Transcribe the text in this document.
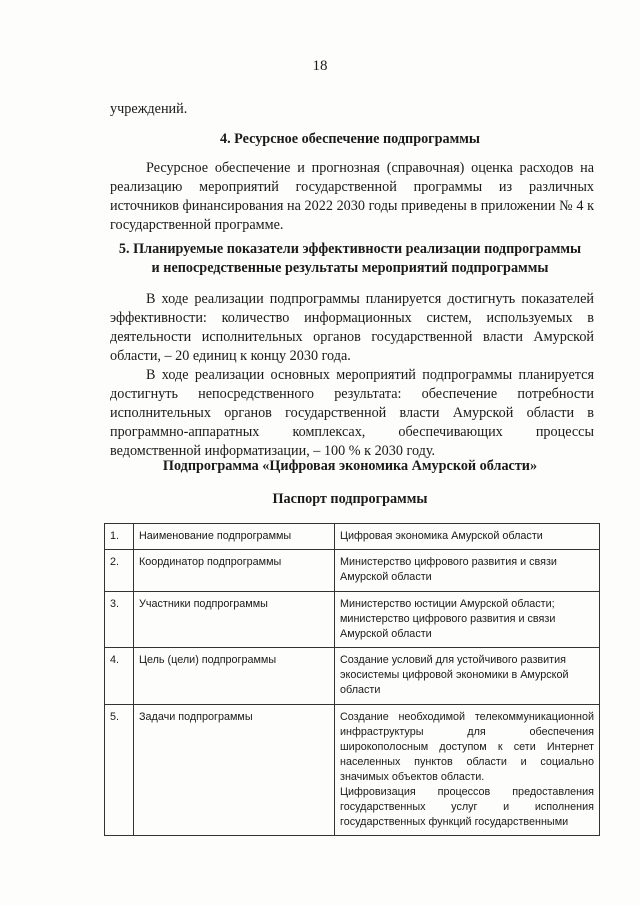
18

учреждений.

4. Ресурсное обеспечение подпрограммы

Ресурсное обеспечение и прогнозная (справочная) оценка расходов на реализацию мероприятий государственной программы из различных источников финансирования на 2022 2030 годы приведены в приложении № 4 к государственной программе.

5. Планируемые показатели эффективности реализации подпрограммы

и непосредственные результаты мероприятий подпрограммы

В ходе реализации подпрограммы планируется достигнуть показателей эффективности: количество информационных систем, используемых в деятельности исполнительных органов государственной власти Амурской области, – 20 единиц к концу 2030 года.

В ходе реализации основных мероприятий подпрограммы планируется достигнуть непосредственного результата: обеспечение потребности исполнительных органов государственной власти Амурской области в программно-аппаратных комплексах, обеспечивающих процессы ведомственной информатизации, – 100 % к 2030 году.

Подпрограмма «Цифровая экономика Амурской области»

Паспорт подпрограммы

1.	Наименование подпрограммы	Цифровая экономика Амурской области
2.	Координатор подпрограммы	Министерство цифрового развития и связи Амурской области
3.	Участники подпрограммы	Министерство юстиции Амурской области; министерство цифрового развития и связи Амурской области
4.	Цель (цели) подпрограммы	Создание условий для устойчивого развития экосистемы цифровой экономики в Амурской области
5.	Задачи подпрограммы	Создание необходимой телекоммуникационной инфраструктуры для обеспечения широкополосным доступом к сети Интернет населенных пунктов области и социально значимых объектов области.
Цифровизация процессов предоставления государственных услуг и исполнения государственных функций государственными
